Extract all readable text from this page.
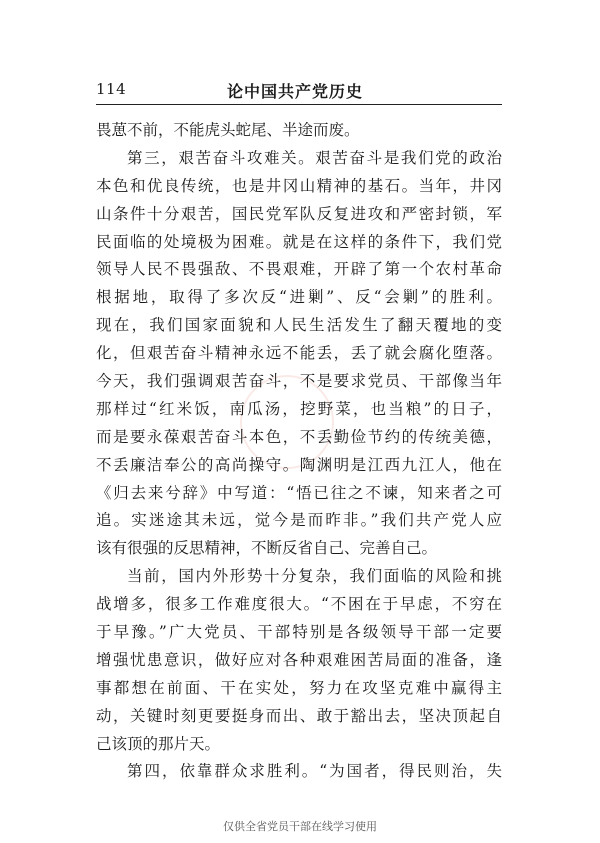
114	论中国共产党历史
畏葸不前，不能虎头蛇尾、半途而废。
第三，艰苦奋斗攻难关。艰苦奋斗是我们党的政治
本色和优良传统，也是井冈山精神的基石。当年，井冈
山条件十分艰苦，国民党军队反复进攻和严密封锁，军
民面临的处境极为困难。就是在这样的条件下，我们党
领导人民不畏强敌、不畏艰难，开辟了第一个农村革命
根据地，取得了多次反“进剿”、反“会剿”的胜利。
现在，我们国家面貌和人民生活发生了翻天覆地的变
化，但艰苦奋斗精神永远不能丢，丢了就会腐化堕落。
今天，我们强调艰苦奋斗，不是要求党员、干部像当年
那样过“红米饭，南瓜汤，挖野菜，也当粮”的日子，
而是要永葆艰苦奋斗本色，不丢勤俭节约的传统美德，
不丢廉洁奉公的高尚操守。陶渊明是江西九江人，他在
《归去来兮辞》中写道：“悟已往之不谏，知来者之可
追。实迷途其未远，觉今是而昨非。”我们共产党人应
该有很强的反思精神，不断反省自己、完善自己。
当前，国内外形势十分复杂，我们面临的风险和挑
战增多，很多工作难度很大。“不困在于早虑，不穷在
于早豫。”广大党员、干部特别是各级领导干部一定要
增强忧患意识，做好应对各种艰难困苦局面的准备，逢
事都想在前面、干在实处，努力在攻坚克难中赢得主
动，关键时刻更要挺身而出、敢于豁出去，坚决顶起自
己该顶的那片天。
第四，依靠群众求胜利。“为国者，得民则治，失
仅供全省党员干部在线学习使用
